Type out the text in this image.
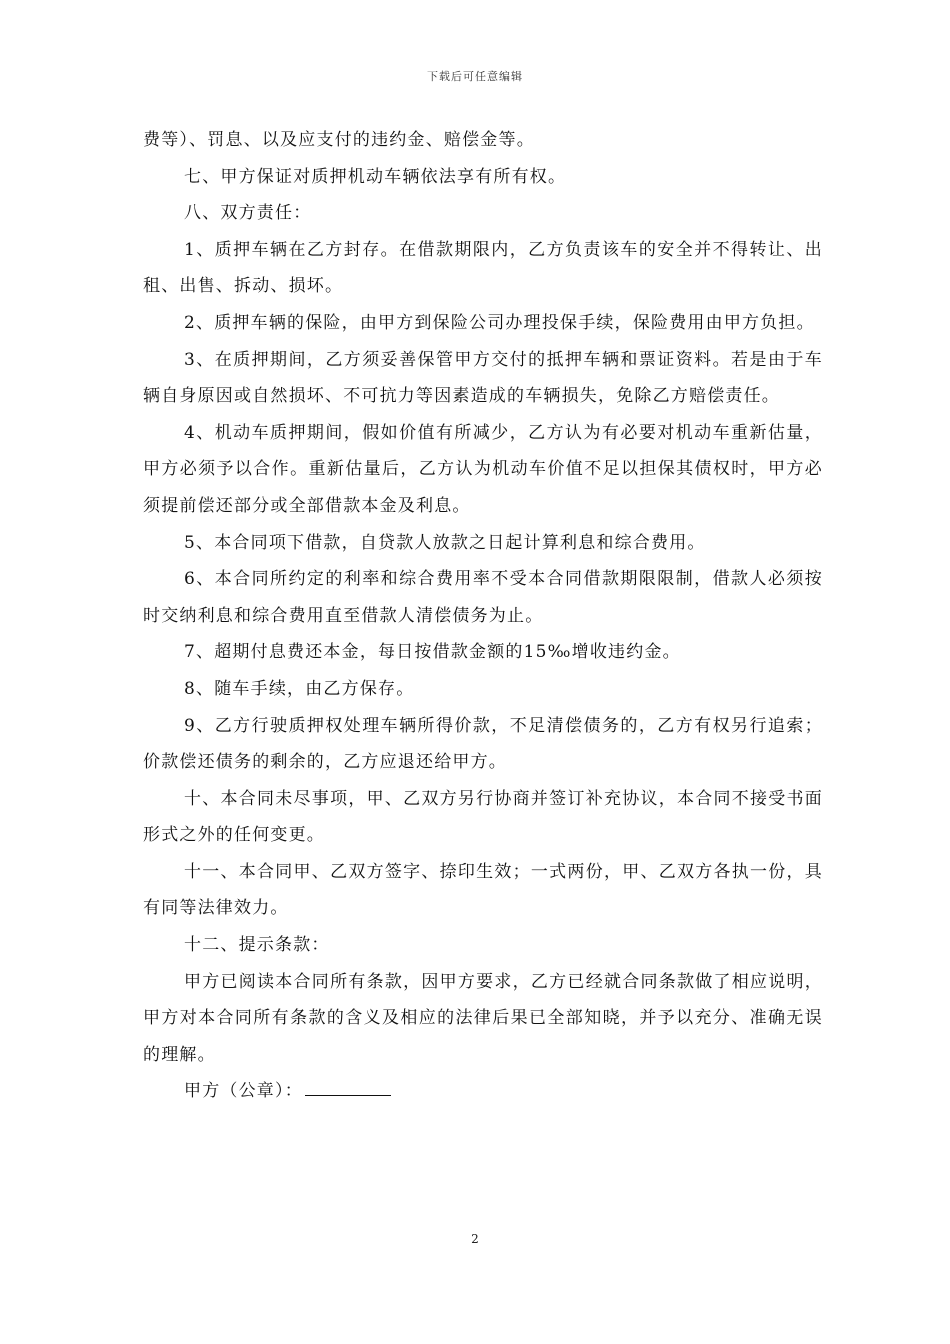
下载后可任意编辑

费等）、罚息、以及应支付的违约金、赔偿金等。

七、甲方保证对质押机动车辆依法享有所有权。

八、双方责任：

1、质押车辆在乙方封存。在借款期限内，乙方负责该车的安全并不得转让、出租、出售、拆动、损坏。

2、质押车辆的保险，由甲方到保险公司办理投保手续，保险费用由甲方负担。

3、在质押期间，乙方须妥善保管甲方交付的抵押车辆和票证资料。若是由于车辆自身原因或自然损坏、不可抗力等因素造成的车辆损失，免除乙方赔偿责任。

4、机动车质押期间，假如价值有所减少，乙方认为有必要对机动车重新估量，甲方必须予以合作。重新估量后，乙方认为机动车价值不足以担保其债权时，甲方必须提前偿还部分或全部借款本金及利息。

5、本合同项下借款，自贷款人放款之日起计算利息和综合费用。

6、本合同所约定的利率和综合费用率不受本合同借款期限限制，借款人必须按时交纳利息和综合费用直至借款人清偿债务为止。

7、超期付息费还本金，每日按借款金额的15‰增收违约金。

8、随车手续，由乙方保存。

9、乙方行驶质押权处理车辆所得价款，不足清偿债务的，乙方有权另行追索；价款偿还债务的剩余的，乙方应退还给甲方。

十、本合同未尽事项，甲、乙双方另行协商并签订补充协议，本合同不接受书面形式之外的任何变更。

十一、本合同甲、乙双方签字、捺印生效；一式两份，甲、乙双方各执一份，具有同等法律效力。

十二、提示条款：

甲方已阅读本合同所有条款，因甲方要求，乙方已经就合同条款做了相应说明，甲方对本合同所有条款的含义及相应的法律后果已全部知晓，并予以充分、准确无误的理解。

甲方（公章）：

2
